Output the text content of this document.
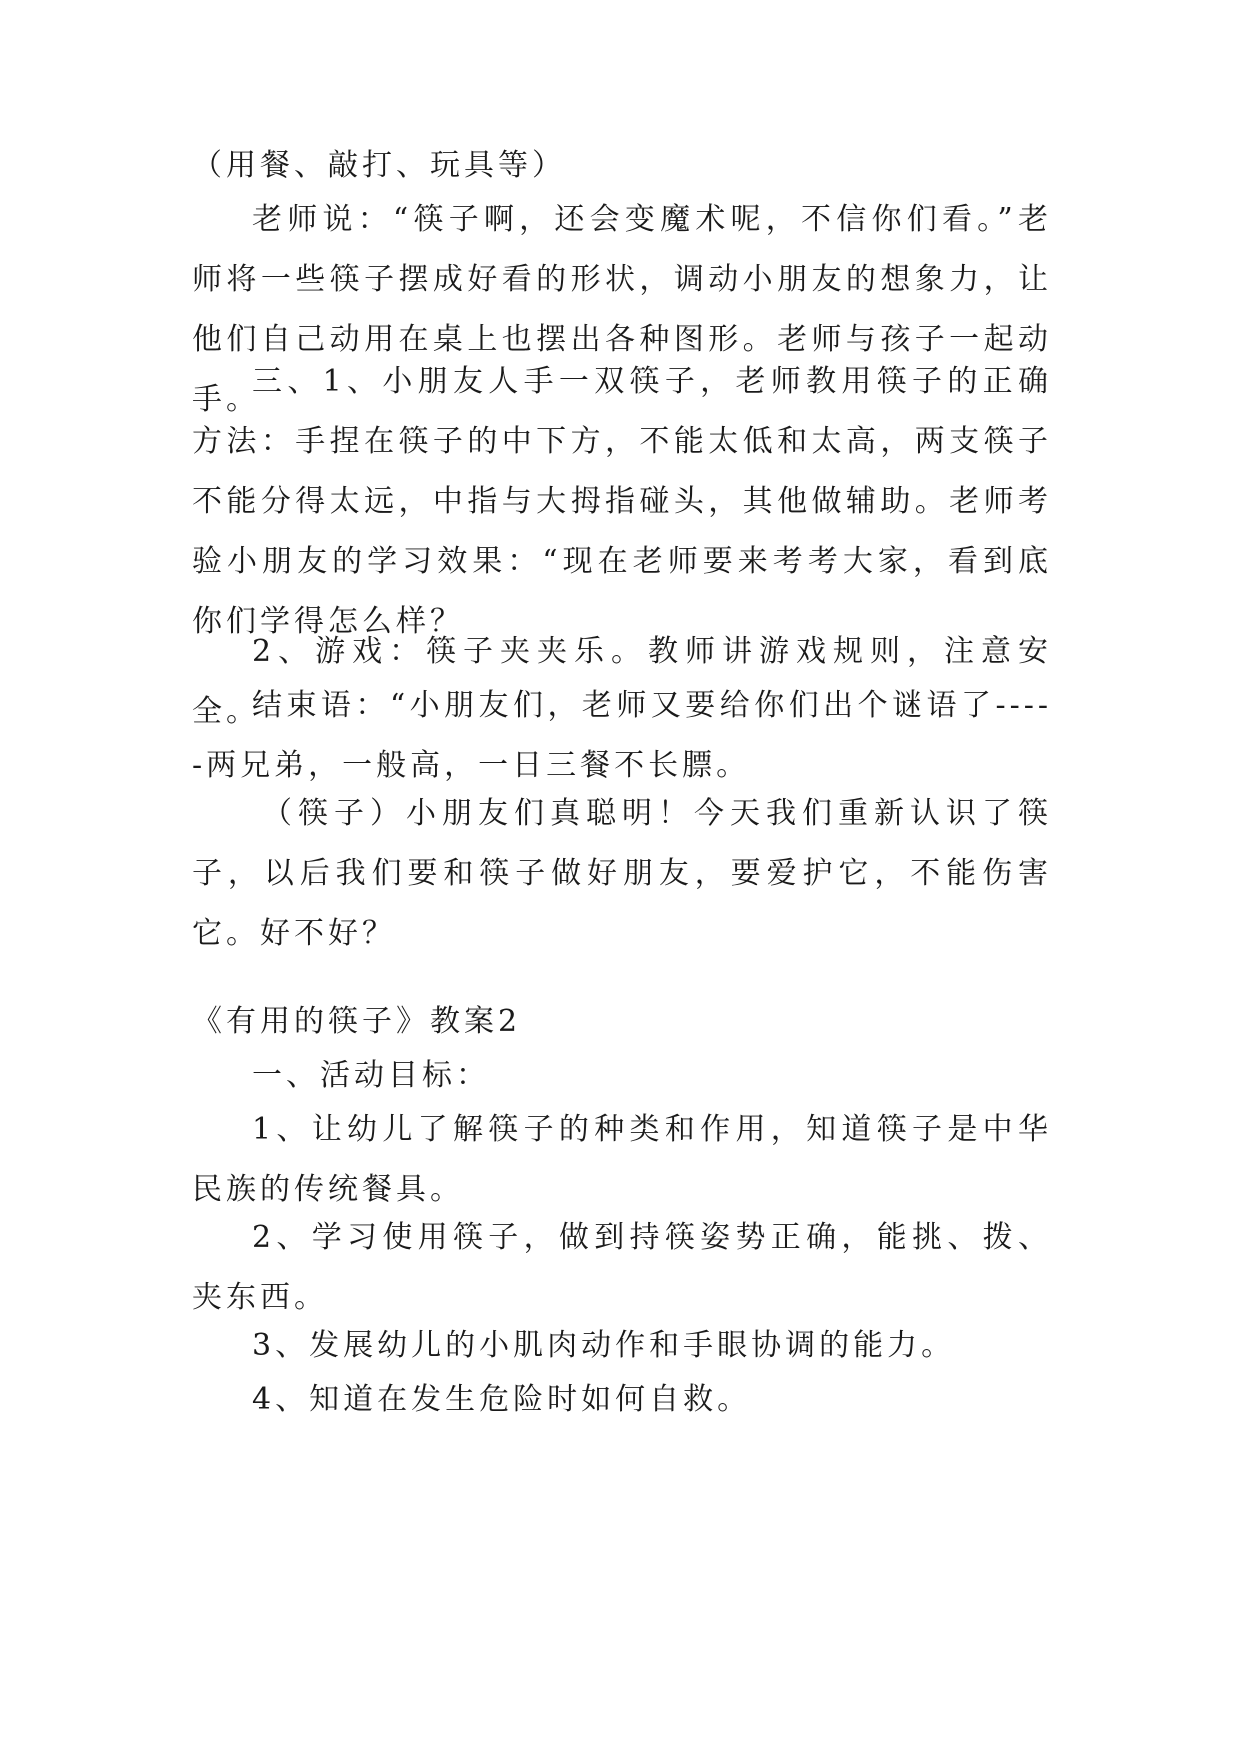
（用餐、敲打、玩具等）
老师说：“筷子啊，还会变魔术呢，不信你们看。”老师将一些筷子摆成好看的形状，调动小朋友的想象力，让他们自己动用在桌上也摆出各种图形。老师与孩子一起动手。
三、1、小朋友人手一双筷子，老师教用筷子的正确方法：手捏在筷子的中下方，不能太低和太高，两支筷子不能分得太远，中指与大拇指碰头，其他做辅助。老师考验小朋友的学习效果：“现在老师要来考考大家，看到底你们学得怎么样？
2、游戏：筷子夹夹乐。教师讲游戏规则，注意安全。
结束语：“小朋友们，老师又要给你们出个谜语了-----两兄弟，一般高，一日三餐不长膘。
（筷子）小朋友们真聪明！今天我们重新认识了筷子，以后我们要和筷子做好朋友，要爱护它，不能伤害它。好不好？
《有用的筷子》教案2
一、活动目标：
1、让幼儿了解筷子的种类和作用，知道筷子是中华民族的传统餐具。
2、学习使用筷子，做到持筷姿势正确，能挑、拨、夹东西。
3、发展幼儿的小肌肉动作和手眼协调的能力。
4、知道在发生危险时如何自救。
